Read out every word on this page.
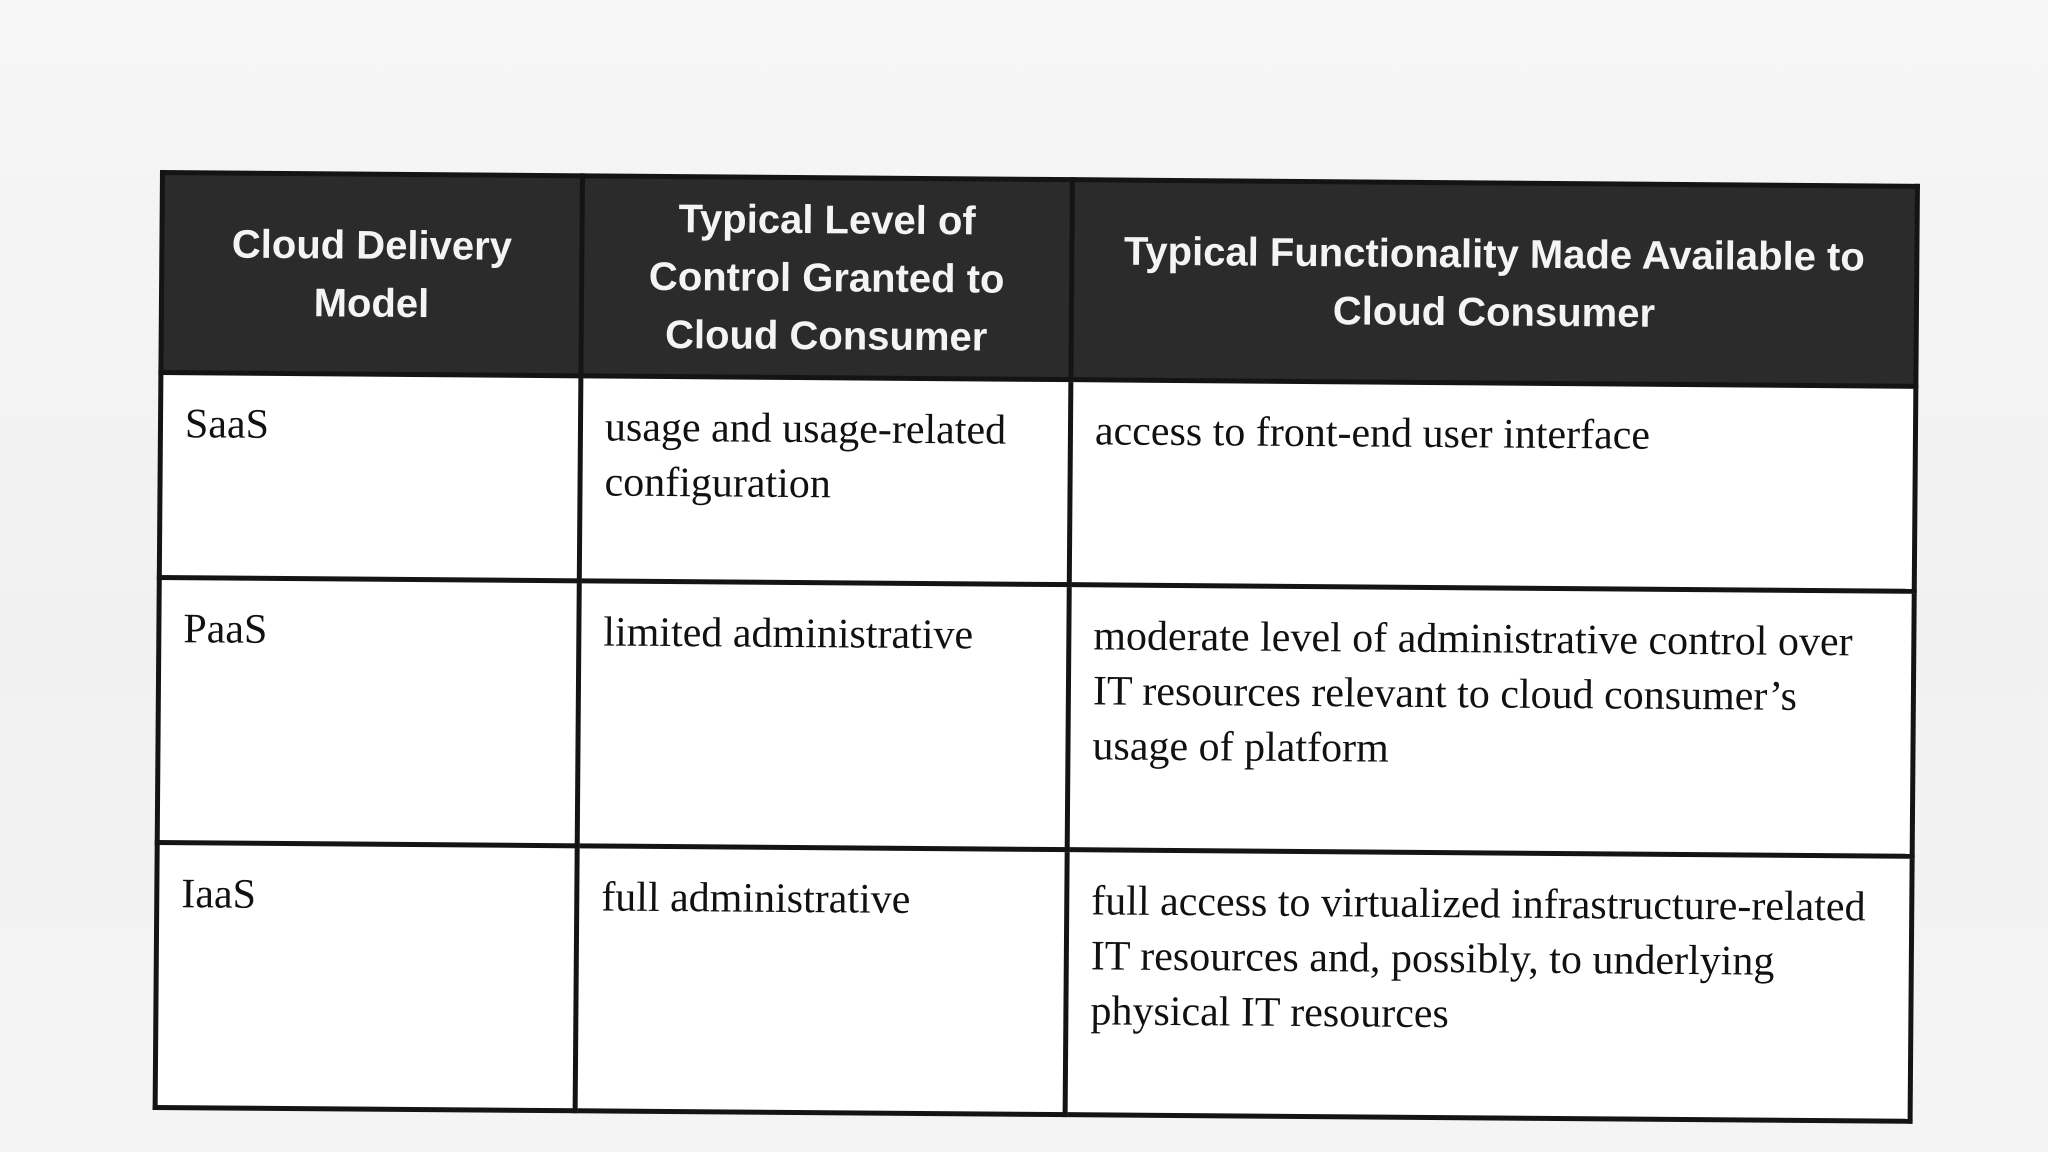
Cloud Delivery Model	Typical Level of Control Granted to Cloud Consumer	Typical Functionality Made Available to Cloud Consumer
SaaS	usage and usage-related configuration	access to front-end user interface
PaaS	limited administrative	moderate level of administrative control over IT resources relevant to cloud consumer’s usage of platform
IaaS	full administrative	full access to virtualized infrastructure-related IT resources and, possibly, to underlying physical IT resources
